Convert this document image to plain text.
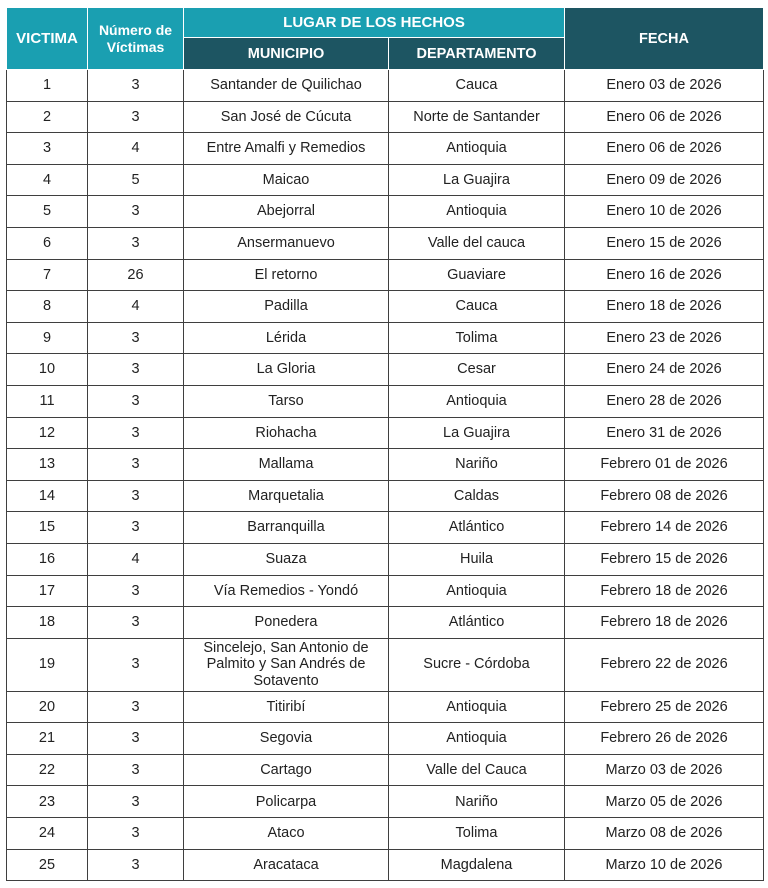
VICTIMA	Número de Víctimas	LUGAR DE LOS HECHOS		FECHA
		MUNICIPIO	DEPARTAMENTO	
1	3	Santander de Quilichao	Cauca	Enero 03 de 2026
2	3	San José de Cúcuta	Norte de Santander	Enero 06 de 2026
3	4	Entre Amalfi y Remedios	Antioquia	Enero 06 de 2026
4	5	Maicao	La Guajira	Enero 09 de 2026
5	3	Abejorral	Antioquia	Enero 10 de 2026
6	3	Ansermanuevo	Valle del cauca	Enero 15 de 2026
7	26	El retorno	Guaviare	Enero 16 de 2026
8	4	Padilla	Cauca	Enero 18 de 2026
9	3	Lérida	Tolima	Enero 23 de 2026
10	3	La Gloria	Cesar	Enero 24 de 2026
11	3	Tarso	Antioquia	Enero 28 de 2026
12	3	Riohacha	La Guajira	Enero 31 de 2026
13	3	Mallama	Nariño	Febrero 01 de 2026
14	3	Marquetalia	Caldas	Febrero 08 de 2026
15	3	Barranquilla	Atlántico	Febrero 14 de 2026
16	4	Suaza	Huila	Febrero 15 de 2026
17	3	Vía Remedios - Yondó	Antioquia	Febrero 18 de 2026
18	3	Ponedera	Atlántico	Febrero 18 de 2026
19	3	Sincelejo, San Antonio de Palmito y San Andrés de Sotavento	Sucre - Córdoba	Febrero 22 de 2026
20	3	Titiribí	Antioquia	Febrero 25 de 2026
21	3	Segovia	Antioquia	Febrero 26 de 2026
22	3	Cartago	Valle del Cauca	Marzo 03 de 2026
23	3	Policarpa	Nariño	Marzo 05 de 2026
24	3	Ataco	Tolima	Marzo 08 de 2026
25	3	Aracataca	Magdalena	Marzo 10 de 2026
